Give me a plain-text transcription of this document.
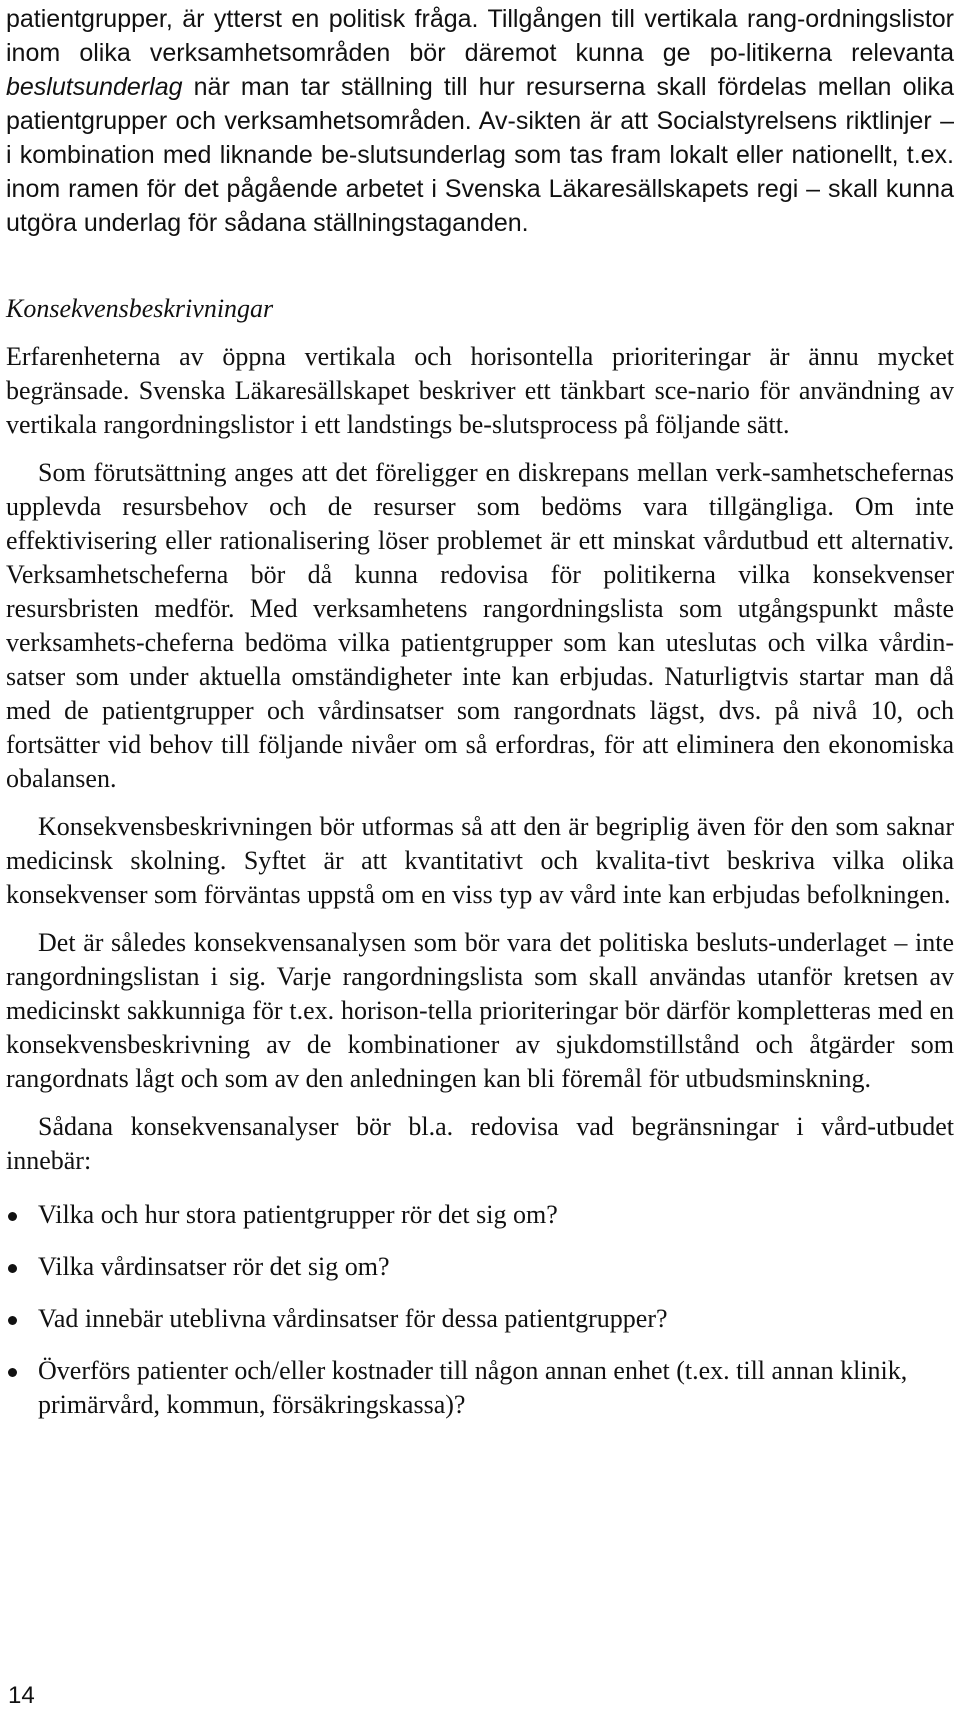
patientgrupper, är ytterst en politisk fråga. Tillgången till vertikala rang-ordningslistor inom olika verksamhetsområden bör däremot kunna ge po-litikerna relevanta beslutsunderlag när man tar ställning till hur resurserna skall fördelas mellan olika patientgrupper och verksamhetsområden. Av-sikten är att Socialstyrelsens riktlinjer – i kombination med liknande be-slutsunderlag som tas fram lokalt eller nationellt, t.ex. inom ramen för det pågående arbetet i Svenska Läkaresällskapets regi – skall kunna utgöra underlag för sådana ställningstaganden.

Konsekvensbeskrivningar

Erfarenheterna av öppna vertikala och horisontella prioriteringar är ännu mycket begränsade. Svenska Läkaresällskapet beskriver ett tänkbart sce-nario för användning av vertikala rangordningslistor i ett landstings be-slutsprocess på följande sätt.

Som förutsättning anges att det föreligger en diskrepans mellan verk-samhetschefernas upplevda resursbehov och de resurser som bedöms vara tillgängliga. Om inte effektivisering eller rationalisering löser problemet är ett minskat vårdutbud ett alternativ. Verksamhetscheferna bör då kunna redovisa för politikerna vilka konsekvenser resursbristen medför. Med verksamhetens rangordningslista som utgångspunkt måste verksamhets-cheferna bedöma vilka patientgrupper som kan uteslutas och vilka vårdin-satser som under aktuella omständigheter inte kan erbjudas. Naturligtvis startar man då med de patientgrupper och vårdinsatser som rangordnats lägst, dvs. på nivå 10, och fortsätter vid behov till följande nivåer om så erfordras, för att eliminera den ekonomiska obalansen.

Konsekvensbeskrivningen bör utformas så att den är begriplig även för den som saknar medicinsk skolning. Syftet är att kvantitativt och kvalita-tivt beskriva vilka olika konsekvenser som förväntas uppstå om en viss typ av vård inte kan erbjudas befolkningen.

Det är således konsekvensanalysen som bör vara det politiska besluts-underlaget – inte rangordningslistan i sig. Varje rangordningslista som skall användas utanför kretsen av medicinskt sakkunniga för t.ex. horison-tella prioriteringar bör därför kompletteras med en konsekvensbeskrivning av de kombinationer av sjukdomstillstånd och åtgärder som rangordnats lågt och som av den anledningen kan bli föremål för utbudsminskning.

Sådana konsekvensanalyser bör bl.a. redovisa vad begränsningar i vård-utbudet innebär:

Vilka och hur stora patientgrupper rör det sig om?
Vilka vårdinsatser rör det sig om?
Vad innebär uteblivna vårdinsatser för dessa patientgrupper?
Överförs patienter och/eller kostnader till någon annan enhet (t.ex. till annan klinik, primärvård, kommun, försäkringskassa)?
14
